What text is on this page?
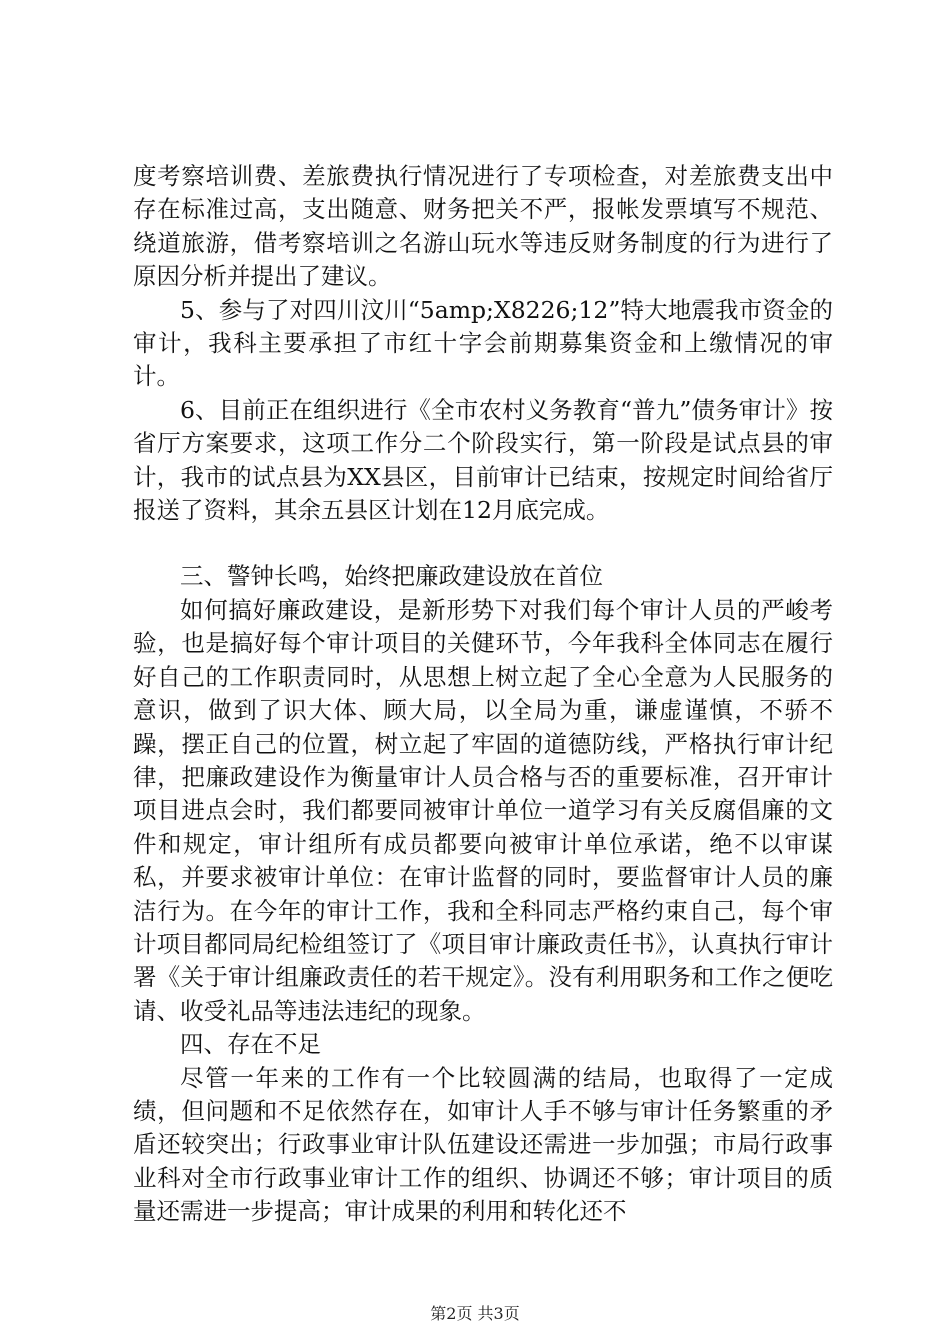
度考察培训费、差旅费执行情况进行了专项检查，对差旅费支出中存在标准过高，支出随意、财务把关不严，报帐发票填写不规范、绕道旅游，借考察培训之名游山玩水等违反财务制度的行为进行了原因分析并提出了建议。

5、参与了对四川汶川“5amp;X8226;12”特大地震我市资金的审计，我科主要承担了市红十字会前期募集资金和上缴情况的审计。

6、目前正在组织进行《全市农村义务教育“普九”债务审计》按省厅方案要求，这项工作分二个阶段实行，第一阶段是试点县的审计，我市的试点县为XX县区，目前审计已结束，按规定时间给省厅报送了资料，其余五县区计划在12月底完成。

三、警钟长鸣，始终把廉政建设放在首位

如何搞好廉政建设，是新形势下对我们每个审计人员的严峻考验，也是搞好每个审计项目的关健环节，今年我科全体同志在履行好自己的工作职责同时，从思想上树立起了全心全意为人民服务的意识，做到了识大体、顾大局，以全局为重，谦虚谨慎，不骄不躁，摆正自己的位置，树立起了牢固的道德防线，严格执行审计纪律，把廉政建设作为衡量审计人员合格与否的重要标准，召开审计项目进点会时，我们都要同被审计单位一道学习有关反腐倡廉的文件和规定，审计组所有成员都要向被审计单位承诺，绝不以审谋私，并要求被审计单位：在审计监督的同时，要监督审计人员的廉洁行为。在今年的审计工作，我和全科同志严格约束自己，每个审计项目都同局纪检组签订了《项目审计廉政责任书》，认真执行审计署《关于审计组廉政责任的若干规定》。没有利用职务和工作之便吃请、收受礼品等违法违纪的现象。

四、存在不足

尽管一年来的工作有一个比较圆满的结局，也取得了一定成绩，但问题和不足依然存在，如审计人手不够与审计任务繁重的矛盾还较突出；行政事业审计队伍建设还需进一步加强；市局行政事业科对全市行政事业审计工作的组织、协调还不够；审计项目的质量还需进一步提高；审计成果的利用和转化还不

第2页 共3页
